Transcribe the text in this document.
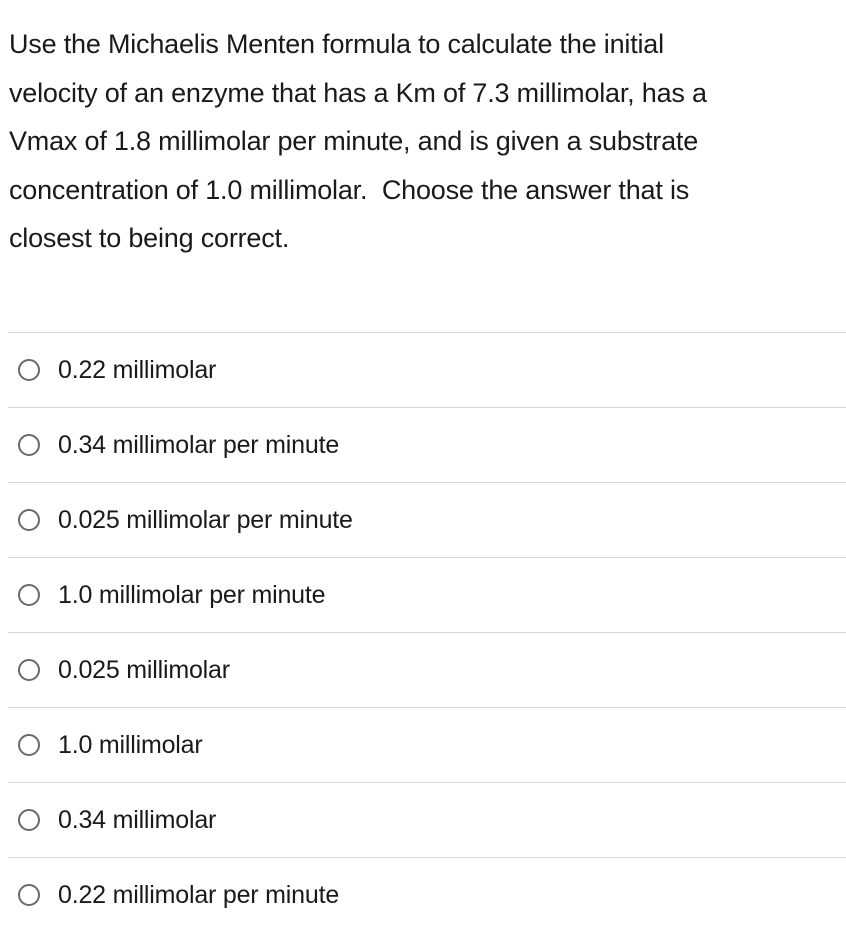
Use the Michaelis Menten formula to calculate the initial
velocity of an enzyme that has a Km of 7.3 millimolar, has a
Vmax of 1.8 millimolar per minute, and is given a substrate
concentration of 1.0 millimolar.  Choose the answer that is
closest to being correct.
0.22 millimolar
0.34 millimolar per minute
0.025 millimolar per minute
1.0 millimolar per minute
0.025 millimolar
1.0 millimolar
0.34 millimolar
0.22 millimolar per minute
